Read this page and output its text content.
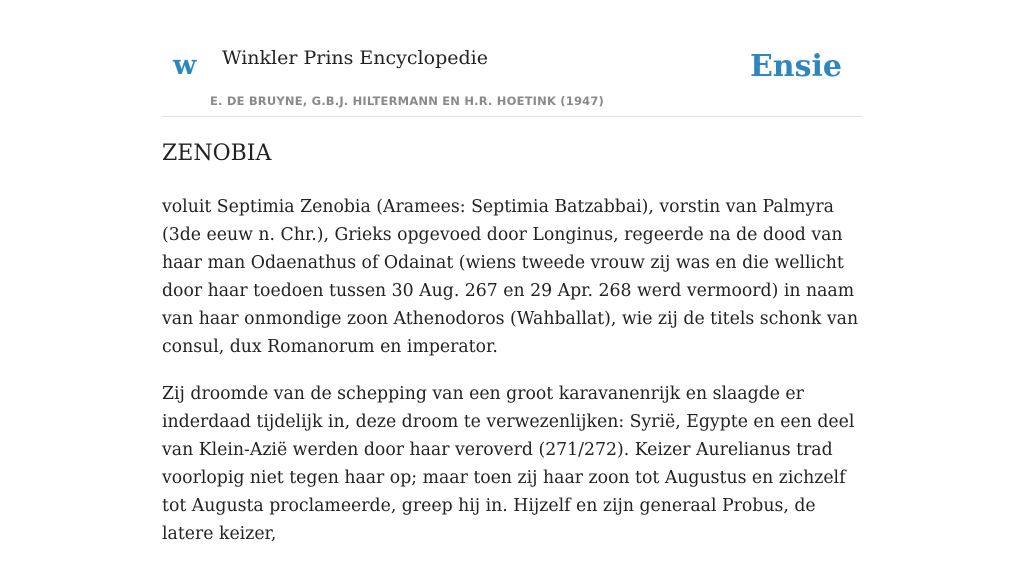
w Winkler Prins Encyclopedie
E. DE BRUYNE, G.B.J. HILTERMANN EN H.R. HOETINK (1947)
Ensie
ZENOBIA

voluit Septimia Zenobia (Aramees: Septimia Batzabbai), vorstin van Palmyra (3de eeuw n. Chr.), Grieks opgevoed door Longinus, regeerde na de dood van haar man Odaenathus of Odainat (wiens tweede vrouw zij was en die wellicht door haar toedoen tussen 30 Aug. 267 en 29 Apr. 268 werd vermoord) in naam van haar onmondige zoon Athenodoros (Wahballat), wie zij de titels schonk van consul, dux Romanorum en imperator.

Zij droomde van de schepping van een groot karavanenrijk en slaagde er inderdaad tijdelijk in, deze droom te verwezenlijken: Syrië, Egypte en een deel van Klein-Azië werden door haar veroverd (271/272). Keizer Aurelianus trad voorlopig niet tegen haar op; maar toen zij haar zoon tot Augustus en zichzelf tot Augusta proclameerde, greep hij in. Hijzelf en zijn generaal Probus, de latere keizer,
